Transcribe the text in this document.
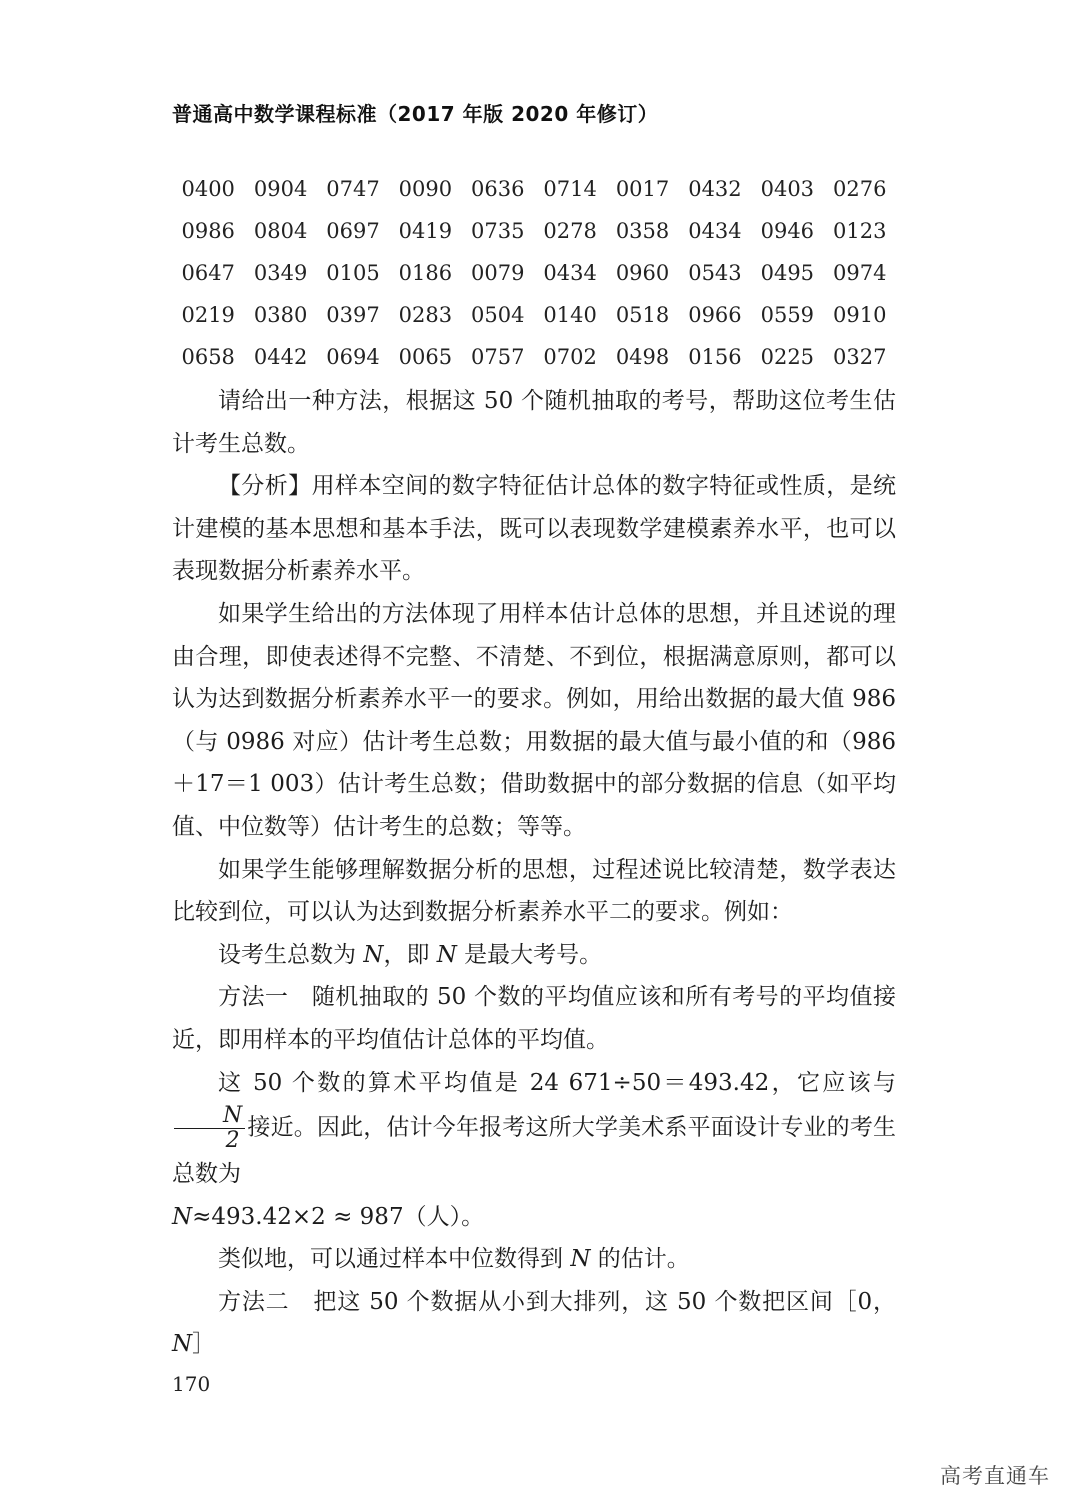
普通高中数学课程标准（2017 年版 2020 年修订）
0400 0904 0747 0090 0636 0714 0017 0432 0403 0276
0986 0804 0697 0419 0735 0278 0358 0434 0946 0123
0647 0349 0105 0186 0079 0434 0960 0543 0495 0974
0219 0380 0397 0283 0504 0140 0518 0966 0559 0910
0658 0442 0694 0065 0757 0702 0498 0156 0225 0327

请给出一种方法，根据这 50 个随机抽取的考号，帮助这位考生估计考生总数。

【分析】用样本空间的数字特征估计总体的数字特征或性质，是统计建模的基本思想和基本手法，既可以表现数学建模素养水平，也可以表现数据分析素养水平。

如果学生给出的方法体现了用样本估计总体的思想，并且述说的理由合理，即使表述得不完整、不清楚、不到位，根据满意原则，都可以认为达到数据分析素养水平一的要求。例如，用给出数据的最大值 986（与 0986 对应）估计考生总数；用数据的最大值与最小值的和（986＋17＝1 003）估计考生总数；借助数据中的部分数据的信息（如平均值、中位数等）估计考生的总数；等等。

如果学生能够理解数据分析的思想，过程述说比较清楚，数学表达比较到位，可以认为达到数据分析素养水平二的要求。例如：

设考生总数为 N，即 N 是最大考号。

方法一　随机抽取的 50 个数的平均值应该和所有考号的平均值接近，即用样本的平均值估计总体的平均值。

这 50 个数的算术平均值是 24 671÷50＝493.42，它应该与
$\frac{N}{2}$ 接近。因此，估计今年报考这所大学美术系平面设计专业的考生总数为

N≈493.42×2 ≈ 987（人）。

类似地，可以通过样本中位数得到 N 的估计。

方法二　把这 50 个数据从小到大排列，这 50 个数把区间［0，N］

170
高考直通车
